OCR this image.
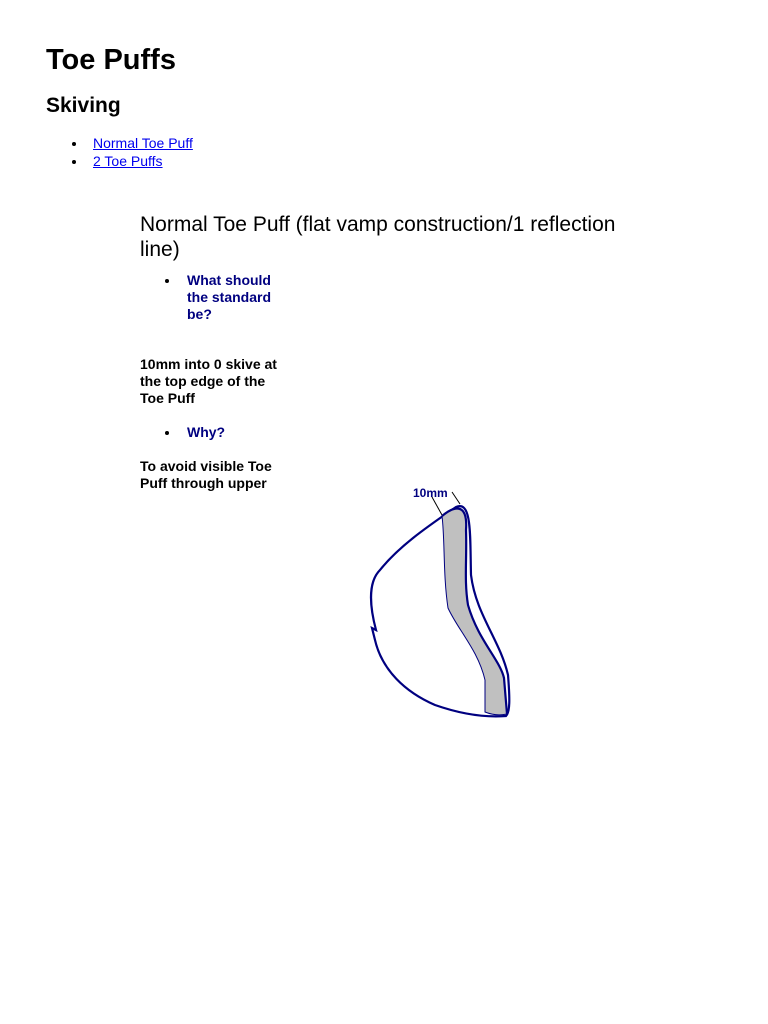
Toe Puffs
Skiving
Normal Toe Puff
2 Toe Puffs
Normal Toe Puff (flat vamp construction/1 reflection line)

What should the standard be?

10mm into 0 skive at the top edge of the Toe Puff

Why?

To avoid visible Toe Puff through upper

10mm
